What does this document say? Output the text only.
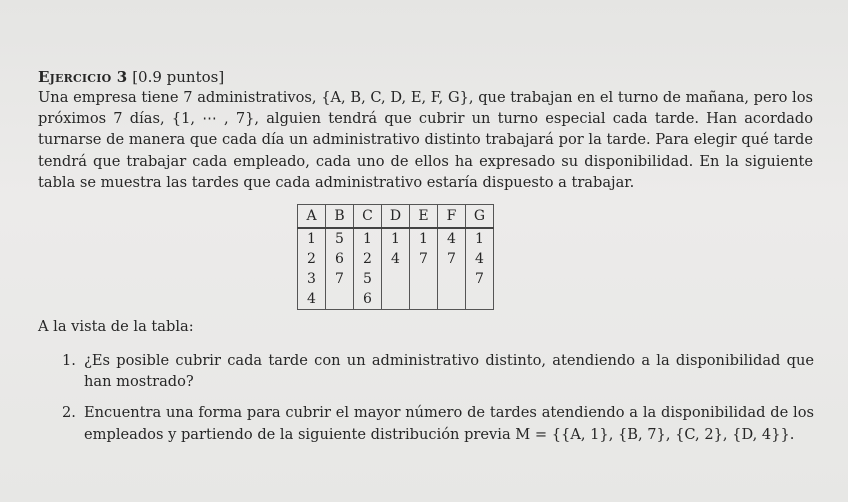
Ejercicio 3 [0.9 puntos]

Una empresa tiene 7 administrativos, {A, B, C, D, E, F, G}, que trabajan en el turno de mañana, pero los próximos 7 días, {1, ⋯ , 7}, alguien tendrá que cubrir un turno especial cada tarde. Han acordado turnarse de manera que cada día un administrativo distinto trabajará por la tarde. Para elegir qué tarde tendrá que trabajar cada empleado, cada uno de ellos ha expresado su disponibilidad. En la siguiente tabla se muestra las tardes que cada administrativo estaría dispuesto a trabajar.

A	B	C	D	E	F	G
1	5	1	1	1	4	1
2	6	2	4	7	7	4
3	7	5				7
4		6				
A la vista de la tabla:
1. ¿Es posible cubrir cada tarde con un administrativo distinto, atendiendo a la disponibilidad que han mostrado?
2. Encuentra una forma para cubrir el mayor número de tardes atendiendo a la disponibilidad de los empleados y partiendo de la siguiente distribución previa M = {{A, 1}, {B, 7}, {C, 2}, {D, 4}}.
